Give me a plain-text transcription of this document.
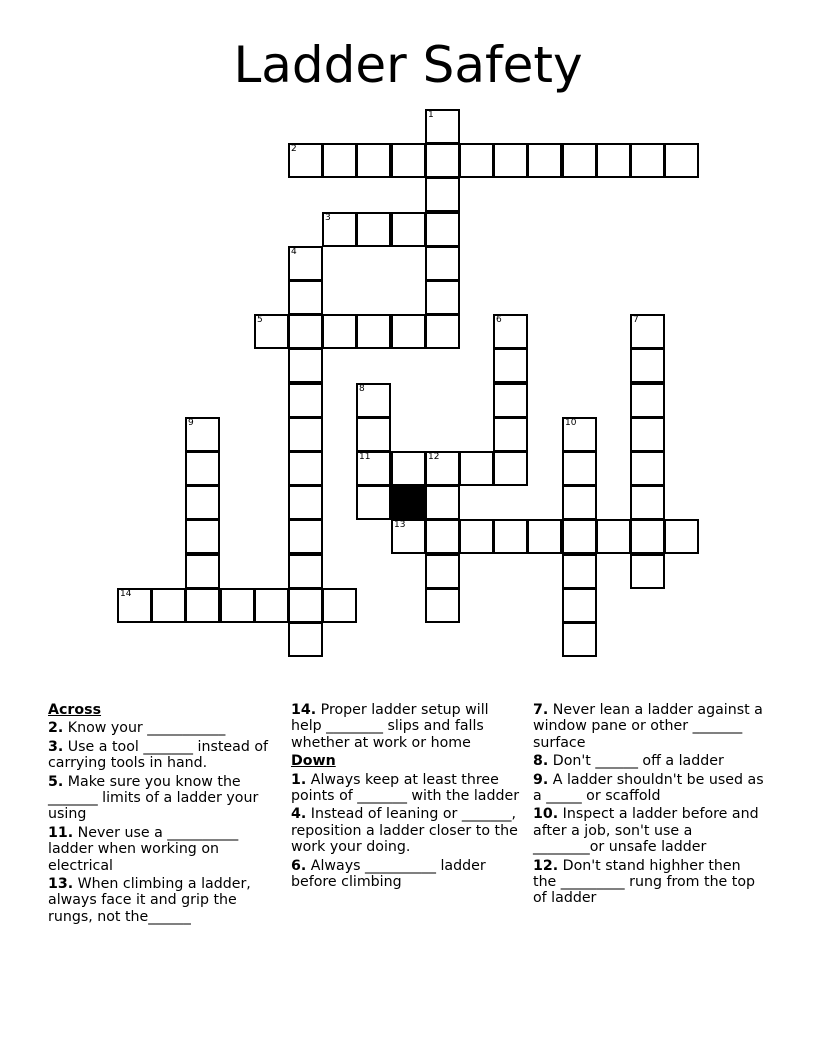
Ladder Safety
1
2
3
4
5	6	7
8
9	10
11	12
13
14
Across
2. Know your ___________
3. Use a tool _______ instead of carrying tools in hand.
5. Make sure you know the _______ limits of a ladder your using
11. Never use a __________ ladder when working on electrical
13. When climbing a ladder, always face it and grip the rungs, not the______
14. Proper ladder setup will help ________ slips and falls whether at work or home
Down
1. Always keep at least three points of _______ with the ladder
4. Instead of leaning or _______, reposition a ladder closer to the work your doing.
6. Always __________ ladder before climbing
7. Never lean a ladder against a window pane or other _______ surface
8. Don't ______ off a ladder
9. A ladder shouldn't be used as a _____ or scaffold
10. Inspect a ladder before and after a job, son't use a ________or unsafe ladder
12. Don't stand highher then the _________ rung from the top of ladder
